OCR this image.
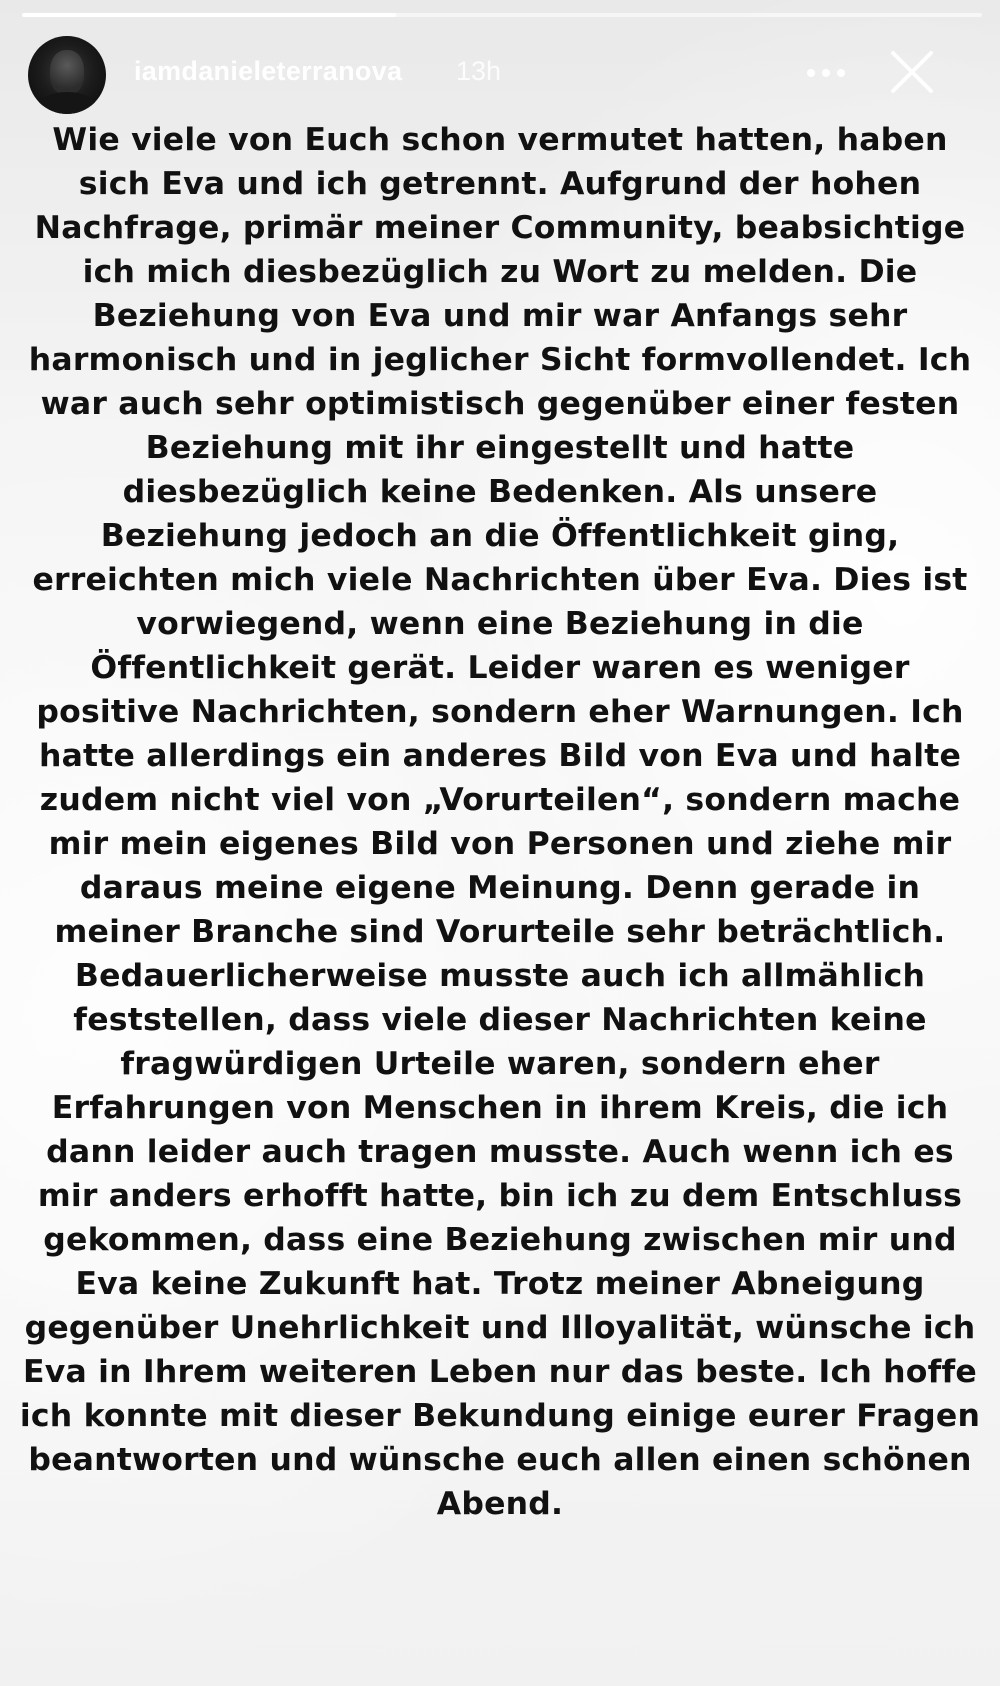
iamdanieleterranova 13h

Wie viele von Euch schon vermutet hatten, haben
sich Eva und ich getrennt. Aufgrund der hohen
Nachfrage, primär meiner Community, beabsichtige
ich mich diesbezüglich zu Wort zu melden. Die
Beziehung von Eva und mir war Anfangs sehr
harmonisch und in jeglicher Sicht formvollendet. Ich
war auch sehr optimistisch gegenüber einer festen
Beziehung mit ihr eingestellt und hatte
diesbezüglich keine Bedenken. Als unsere
Beziehung jedoch an die Öffentlichkeit ging,
erreichten mich viele Nachrichten über Eva. Dies ist
vorwiegend, wenn eine Beziehung in die
Öffentlichkeit gerät. Leider waren es weniger
positive Nachrichten, sondern eher Warnungen. Ich
hatte allerdings ein anderes Bild von Eva und halte
zudem nicht viel von „Vorurteilen“, sondern mache
mir mein eigenes Bild von Personen und ziehe mir
daraus meine eigene Meinung. Denn gerade in
meiner Branche sind Vorurteile sehr beträchtlich.
Bedauerlicherweise musste auch ich allmählich
feststellen, dass viele dieser Nachrichten keine
fragwürdigen Urteile waren, sondern eher
Erfahrungen von Menschen in ihrem Kreis, die ich
dann leider auch tragen musste. Auch wenn ich es
mir anders erhofft hatte, bin ich zu dem Entschluss
gekommen, dass eine Beziehung zwischen mir und
Eva keine Zukunft hat. Trotz meiner Abneigung
gegenüber Unehrlichkeit und Illoyalität, wünsche ich
Eva in Ihrem weiteren Leben nur das beste. Ich hoffe
ich konnte mit dieser Bekundung einige eurer Fragen
beantworten und wünsche euch allen einen schönen
Abend.
